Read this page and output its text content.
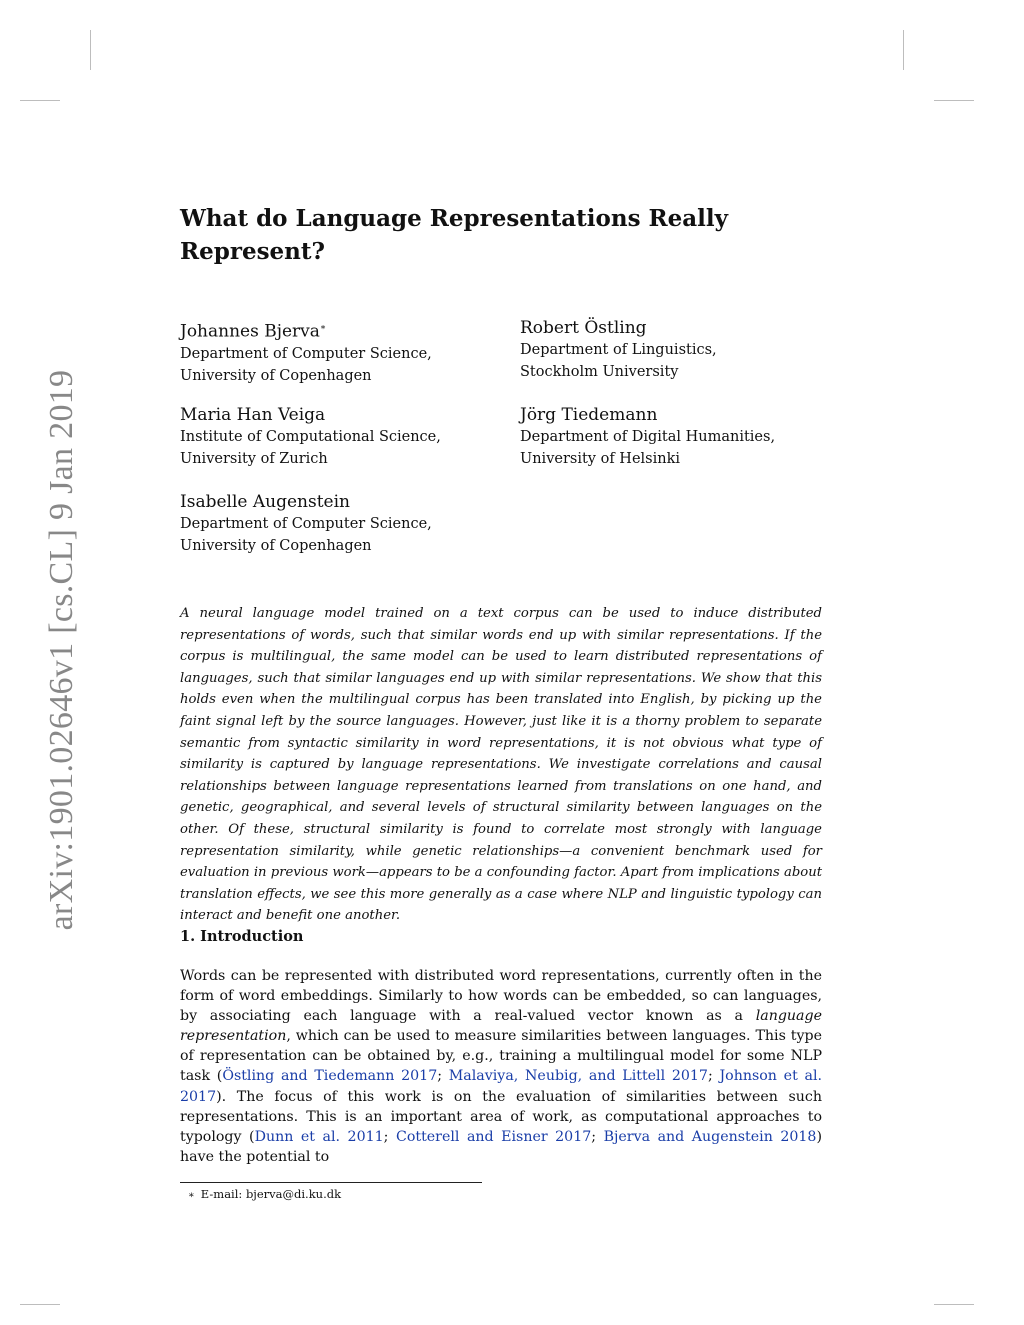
arXiv:1901.02646v1 [cs.CL] 9 Jan 2019
What do Language Representations Really Represent?
Johannes Bjerva∗
Department of Computer Science,
University of Copenhagen
Robert Östling
Department of Linguistics,
Stockholm University
Maria Han Veiga
Institute of Computational Science,
University of Zurich
Jörg Tiedemann
Department of Digital Humanities,
University of Helsinki
Isabelle Augenstein
Department of Computer Science,
University of Copenhagen

A neural language model trained on a text corpus can be used to induce distributed representations of words, such that similar words end up with similar representations. If the corpus is multilingual, the same model can be used to learn distributed representations of languages, such that similar languages end up with similar representations. We show that this holds even when the multilingual corpus has been translated into English, by picking up the faint signal left by the source languages. However, just like it is a thorny problem to separate semantic from syntactic similarity in word representations, it is not obvious what type of similarity is captured by language representations. We investigate correlations and causal relationships between language representations learned from translations on one hand, and genetic, geographical, and several levels of structural similarity between languages on the other. Of these, structural similarity is found to correlate most strongly with language representation similarity, while genetic relationships—a convenient benchmark used for evaluation in previous work—appears to be a confounding factor. Apart from implications about translation effects, we see this more generally as a case where NLP and linguistic typology can interact and benefit one another.

1. Introduction

Words can be represented with distributed word representations, currently often in the form of word embeddings. Similarly to how words can be embedded, so can languages, by associating each language with a real-valued vector known as a language representation, which can be used to measure similarities between languages. This type of representation can be obtained by, e.g., training a multilingual model for some NLP task (Östling and Tiedemann 2017; Malaviya, Neubig, and Littell 2017; Johnson et al. 2017). The focus of this work is on the evaluation of similarities between such representations. This is an important area of work, as computational approaches to typology (Dunn et al. 2011; Cotterell and Eisner 2017; Bjerva and Augenstein 2018) have the potential to

∗ E-mail: bjerva@di.ku.dk
